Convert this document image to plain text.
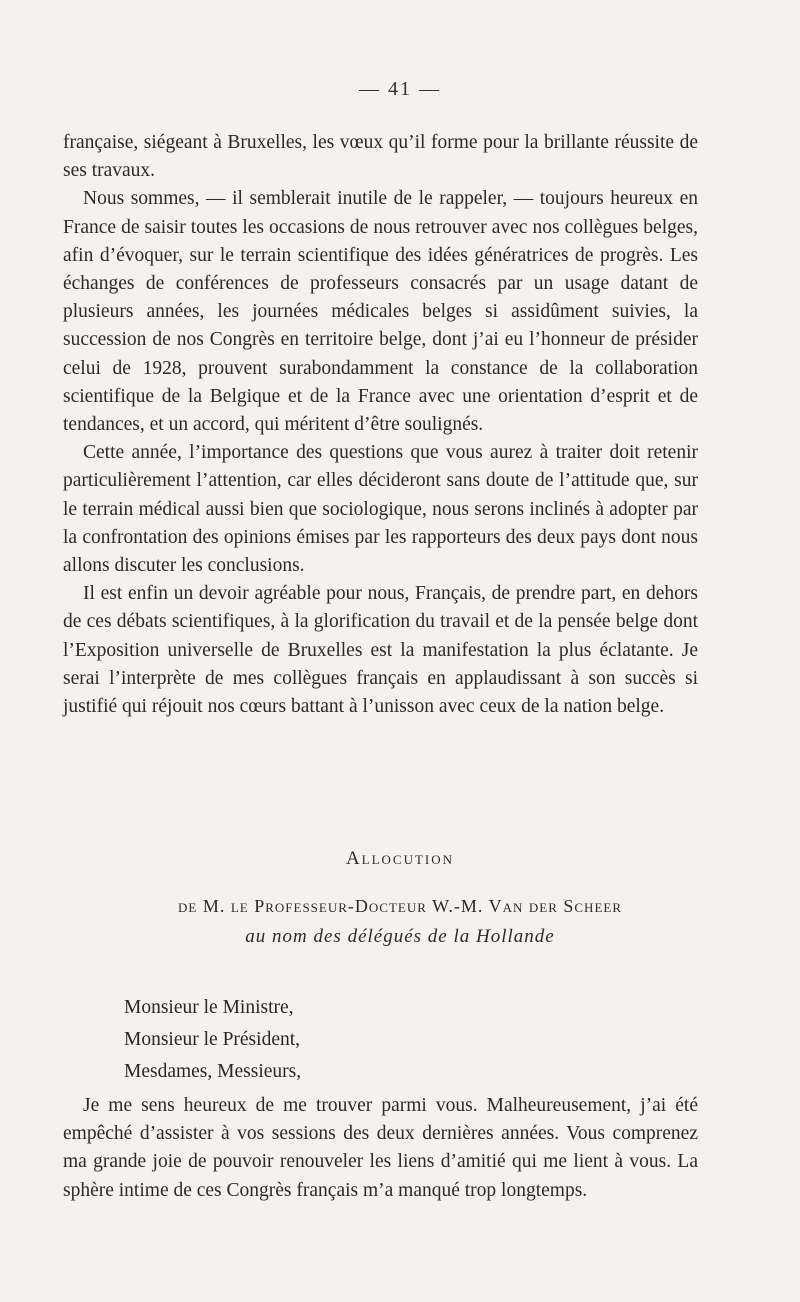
— 41 —

française, siégeant à Bruxelles, les vœux qu’il forme pour la brillante réussite de ses travaux.

Nous sommes, — il semblerait inutile de le rappeler, — toujours heureux en France de saisir toutes les occasions de nous retrouver avec nos collègues belges, afin d’évoquer, sur le terrain scientifique des idées génératrices de progrès. Les échanges de conférences de professeurs consacrés par un usage datant de plusieurs années, les journées médicales belges si assidûment suivies, la succession de nos Congrès en territoire belge, dont j’ai eu l’honneur de présider celui de 1928, prouvent surabondamment la constance de la collaboration scientifique de la Belgique et de la France avec une orientation d’esprit et de tendances, et un accord, qui méritent d’être soulignés.

Cette année, l’importance des questions que vous aurez à traiter doit retenir particulièrement l’attention, car elles décideront sans doute de l’attitude que, sur le terrain médical aussi bien que sociologique, nous serons inclinés à adopter par la confrontation des opinions émises par les rapporteurs des deux pays dont nous allons discuter les conclusions.

Il est enfin un devoir agréable pour nous, Français, de prendre part, en dehors de ces débats scientifiques, à la glorification du travail et de la pensée belge dont l’Exposition universelle de Bruxelles est la manifestation la plus éclatante. Je serai l’interprète de mes collègues français en applaudissant à son succès si justifié qui réjouit nos cœurs battant à l’unisson avec ceux de la nation belge.

Allocution
de M. le Professeur-Docteur W.-M. Van der Scheer
au nom des délégués de la Hollande
Monsieur le Ministre,
Monsieur le Président,
Mesdames, Messieurs,

Je me sens heureux de me trouver parmi vous. Malheureusement, j’ai été empêché d’assister à vos sessions des deux dernières années. Vous comprenez ma grande joie de pouvoir renouveler les liens d’amitié qui me lient à vous. La sphère intime de ces Congrès français m’a manqué trop longtemps.
